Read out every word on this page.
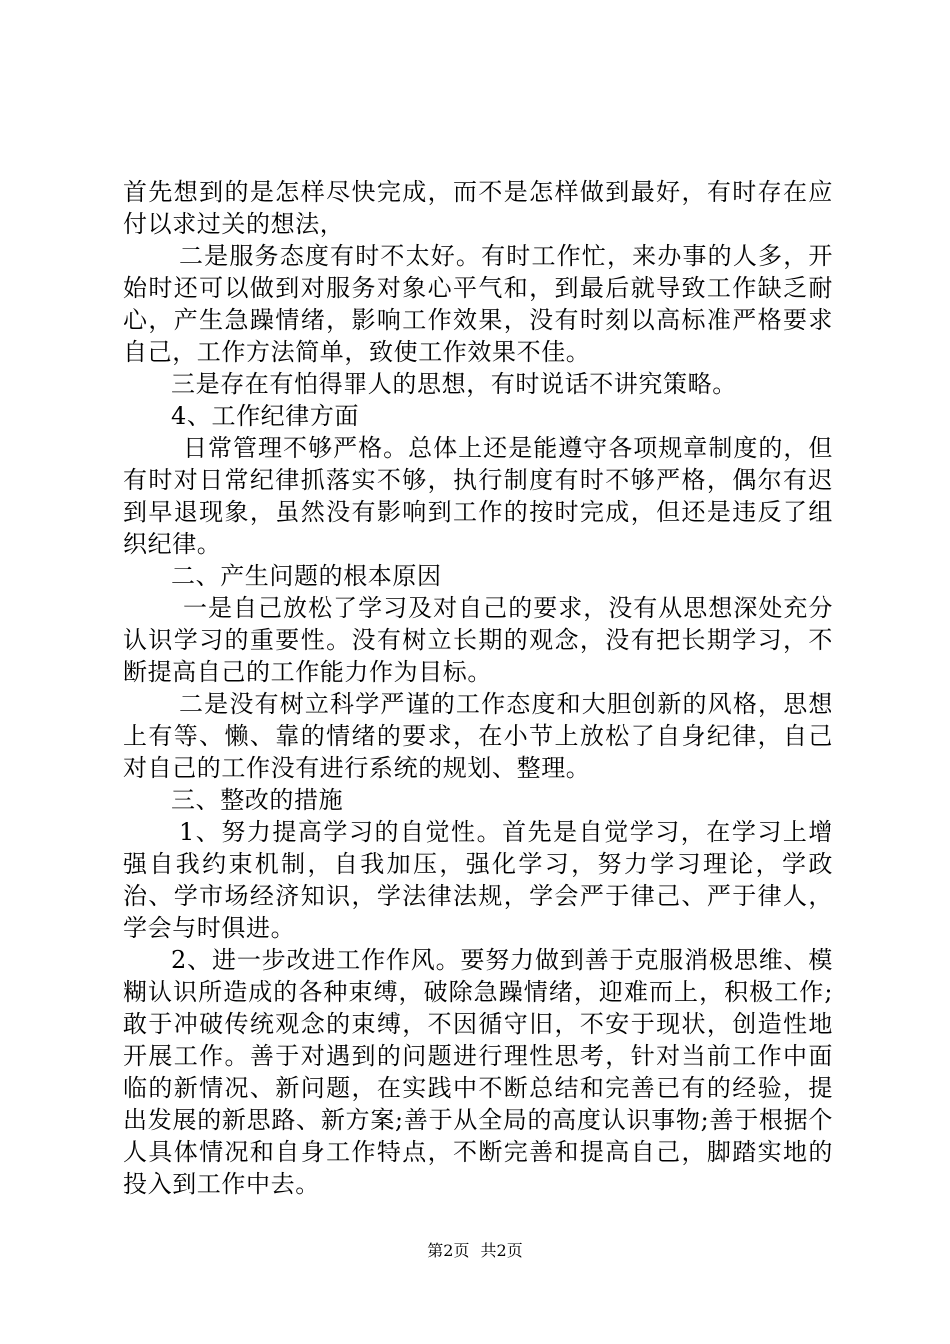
首先想到的是怎样尽快完成，而不是怎样做到最好，有时存在应付以求过关的想法，

二是服务态度有时不太好。有时工作忙，来办事的人多，开始时还可以做到对服务对象心平气和，到最后就导致工作缺乏耐心，产生急躁情绪，影响工作效果，没有时刻以高标准严格要求自己，工作方法简单，致使工作效果不佳。

三是存在有怕得罪人的思想，有时说话不讲究策略。

4、工作纪律方面

日常管理不够严格。总体上还是能遵守各项规章制度的，但有时对日常纪律抓落实不够，执行制度有时不够严格，偶尔有迟到早退现象，虽然没有影响到工作的按时完成，但还是违反了组织纪律。

二、产生问题的根本原因

一是自己放松了学习及对自己的要求，没有从思想深处充分认识学习的重要性。没有树立长期的观念，没有把长期学习，不断提高自己的工作能力作为目标。

二是没有树立科学严谨的工作态度和大胆创新的风格，思想上有等、懒、靠的情绪的要求，在小节上放松了自身纪律，自己对自己的工作没有进行系统的规划、整理。

三、整改的措施

1、努力提高学习的自觉性。首先是自觉学习，在学习上增强自我约束机制，自我加压，强化学习，努力学习理论，学政治、学市场经济知识，学法律法规，学会严于律己、严于律人，学会与时俱进。

2、进一步改进工作作风。要努力做到善于克服消极思维、模糊认识所造成的各种束缚，破除急躁情绪，迎难而上，积极工作;敢于冲破传统观念的束缚，不因循守旧，不安于现状，创造性地开展工作。善于对遇到的问题进行理性思考，针对当前工作中面临的新情况、新问题，在实践中不断总结和完善已有的经验，提出发展的新思路、新方案;善于从全局的高度认识事物;善于根据个人具体情况和自身工作特点，不断完善和提高自己，脚踏实地的投入到工作中去。

第2页 共2页
